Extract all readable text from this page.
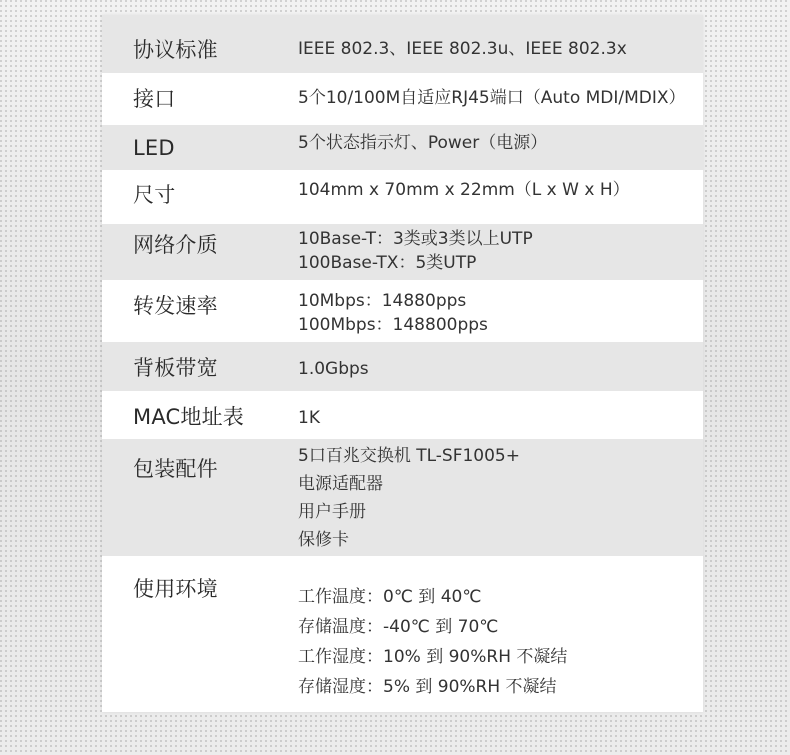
协议标准	IEEE 802.3、IEEE 802.3u、IEEE 802.3x
接口	5个10/100M自适应RJ45端口（Auto MDI/MDIX）
LED	5个状态指示灯、Power（电源）
尺寸	104mm x 70mm x 22mm（L x W x H）
网络介质	10Base-T：3类或3类以上UTP
100Base-TX：5类UTP
转发速率	10Mbps：14880pps
100Mbps：148800pps
背板带宽	1.0Gbps
MAC地址表	1K
包装配件
5口百兆交换机 TL-SF1005+
电源适配器
用户手册
保修卡
使用环境	工作温度：0℃ 到 40℃
存储温度：-40℃ 到 70℃
工作湿度：10% 到 90%RH 不凝结
存储湿度：5% 到 90%RH 不凝结
